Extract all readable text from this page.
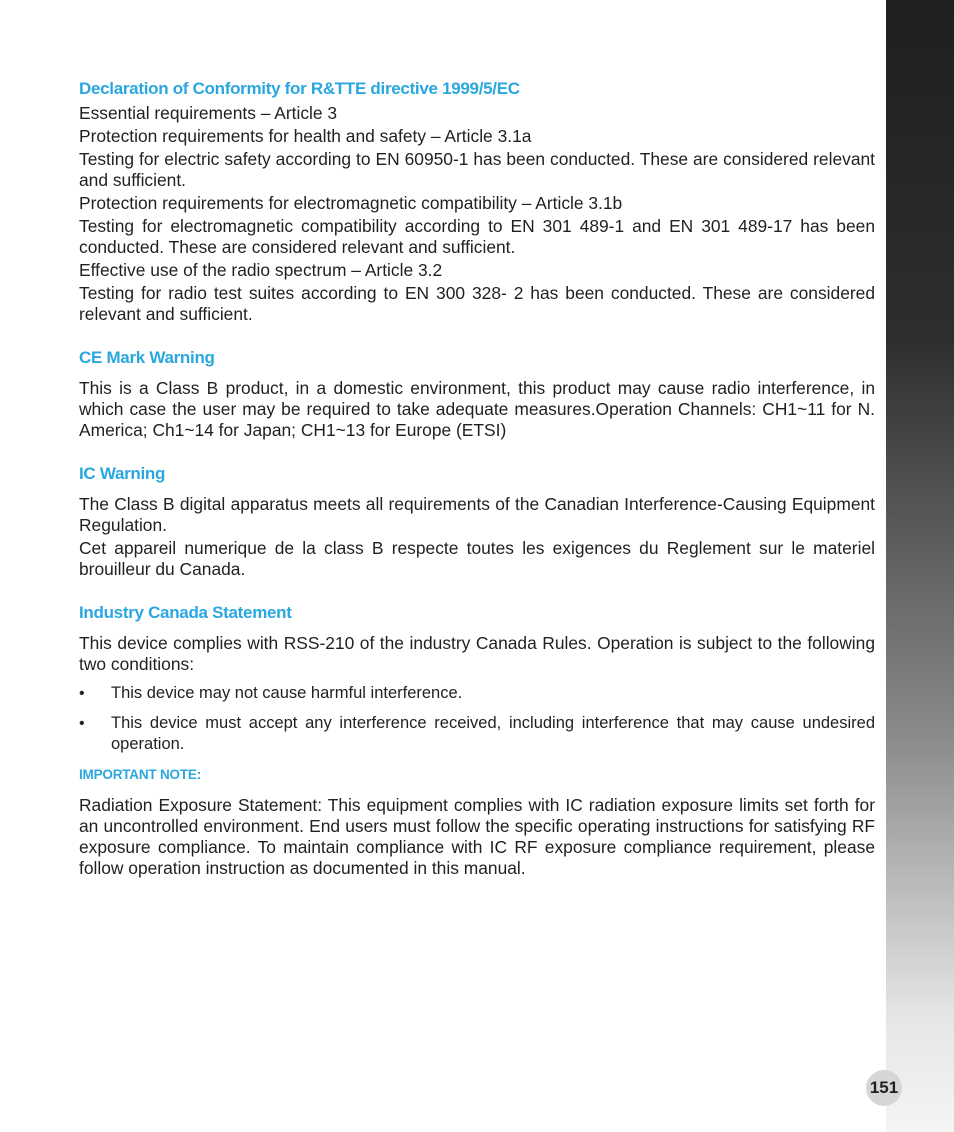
Declaration of Conformity for R&TTE directive 1999/5/EC

Essential requirements – Article 3

Protection requirements for health and safety – Article 3.1a

Testing for electric safety according to EN 60950-1 has been conducted. These are considered relevant and sufficient.

Protection requirements for electromagnetic compatibility – Article 3.1b

Testing for electromagnetic compatibility according to EN 301 489-1 and EN 301 489-17 has been conducted. These are considered relevant and sufficient.

Effective use of the radio spectrum – Article 3.2

Testing for radio test suites according to EN 300 328- 2 has been conducted. These are considered relevant and sufficient.

CE Mark Warning

This is a Class B product, in a domestic environment, this product may cause radio interference, in which case the user may be required to take adequate measures.Operation Channels: CH1~11 for N. America; Ch1~14 for Japan; CH1~13 for Europe (ETSI)

IC Warning

The Class B digital apparatus meets all requirements of the Canadian Interference-Causing Equipment Regulation.

Cet appareil numerique de la class B respecte toutes les exigences du Reglement sur le materiel brouilleur du Canada.

Industry Canada Statement

This device complies with RSS-210 of the industry Canada Rules. Operation is subject to the following two conditions:

• This device may not cause harmful interference.
• This device must accept any interference received, including interference that may cause undesired operation.
IMPORTANT NOTE:

Radiation Exposure Statement: This equipment complies with IC radiation exposure limits set forth for an uncontrolled environment. End users must follow the specific operating instructions for satisfying RF exposure compliance. To maintain compliance with IC RF exposure compliance requirement, please follow operation instruction as documented in this manual.

151
